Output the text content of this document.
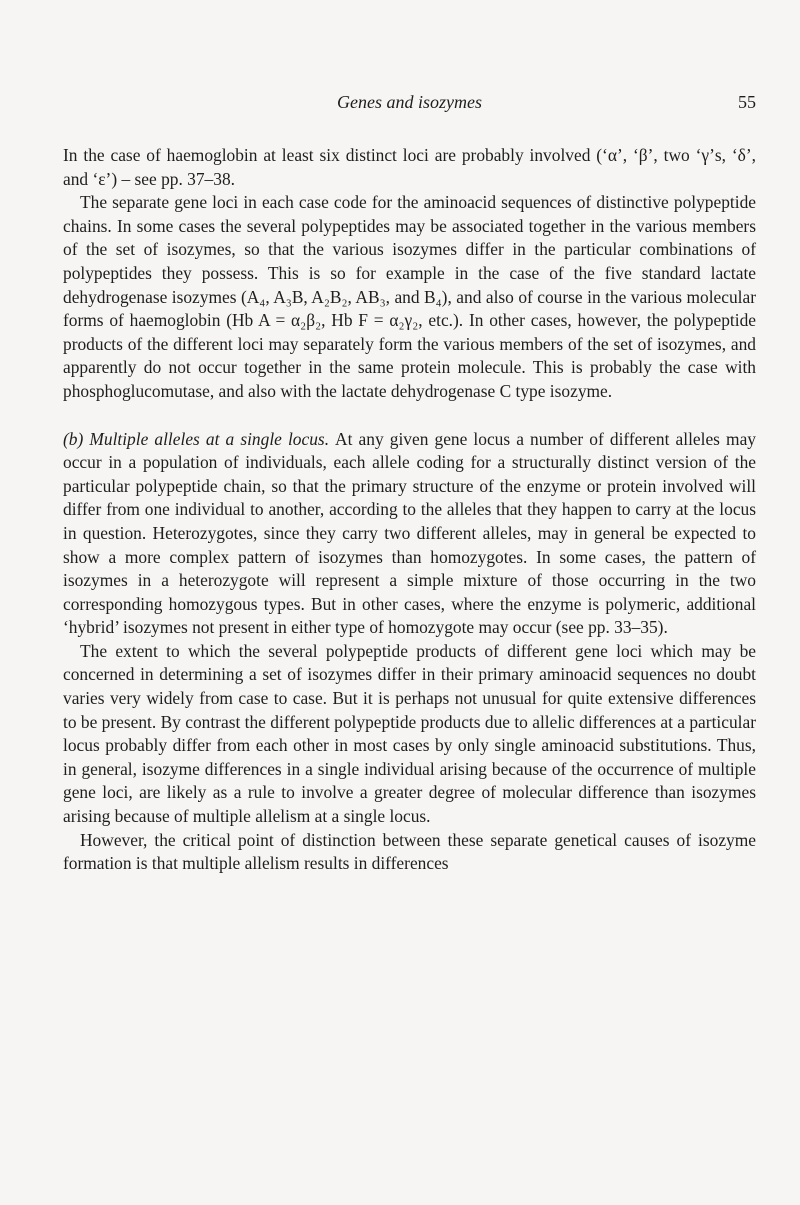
Genes and isozymes	55

In the case of haemoglobin at least six distinct loci are probably involved (‘α’, ‘β’, two ‘γ’s, ‘δ’, and ‘ε’) – see pp. 37–38.

The separate gene loci in each case code for the aminoacid sequences of distinctive polypeptide chains. In some cases the several polypeptides may be associated together in the various members of the set of isozymes, so that the various isozymes differ in the particular combinations of polypeptides they possess. This is so for example in the case of the five standard lactate dehydrogenase isozymes (A₄, A₃B, A₂B₂, AB₃, and B₄), and also of course in the various molecular forms of haemoglobin (Hb A = α₂β₂, Hb F = α₂γ₂, etc.). In other cases, however, the polypeptide products of the different loci may separately form the various members of the set of isozymes, and apparently do not occur together in the same protein molecule. This is probably the case with phosphoglucomutase, and also with the lactate dehydrogenase C type isozyme.

(b) Multiple alleles at a single locus. At any given gene locus a number of different alleles may occur in a population of individuals, each allele coding for a structurally distinct version of the particular polypeptide chain, so that the primary structure of the enzyme or protein involved will differ from one individual to another, according to the alleles that they happen to carry at the locus in question. Heterozygotes, since they carry two different alleles, may in general be expected to show a more complex pattern of isozymes than homozygotes. In some cases, the pattern of isozymes in a heterozygote will represent a simple mixture of those occurring in the two corresponding homozygous types. But in other cases, where the enzyme is polymeric, additional ‘hybrid’ isozymes not present in either type of homozygote may occur (see pp. 33–35).

The extent to which the several polypeptide products of different gene loci which may be concerned in determining a set of isozymes differ in their primary aminoacid sequences no doubt varies very widely from case to case. But it is perhaps not unusual for quite extensive differences to be present. By contrast the different polypeptide products due to allelic differences at a particular locus probably differ from each other in most cases by only single aminoacid substitutions. Thus, in general, isozyme differences in a single individual arising because of the occurrence of multiple gene loci, are likely as a rule to involve a greater degree of molecular difference than isozymes arising because of multiple allelism at a single locus.

However, the critical point of distinction between these separate genetical causes of isozyme formation is that multiple allelism results in differences
